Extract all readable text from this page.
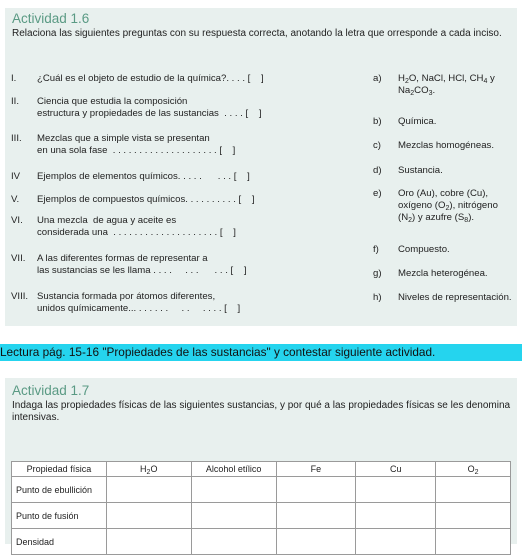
Actividad 1.6
Relaciona las siguientes preguntas con su respuesta correcta, anotando la letra que orresponde a cada inciso.
I. ¿Cuál es el objeto de estudio de la química?. . . . [    ]
II. Ciencia que estudia la composición
estructura y propiedades de las sustancias  . . . . [    ]
III. Mezclas que a simple vista se presentan
en una sola fase  . . . . . . . . . . . . . . . . . . . . [    ]
IV Ejemplos de elementos químicos. . . . .      . . . [    ]
V. Ejemplos de compuestos químicos. . . . . . . . . . [    ]
VI. Una mezcla  de agua y aceite es
considerada una  . . . . . . . . . . . . . . . . . . . . [    ]
VII. A las diferentes formas de representar a
las sustancias se les llama . . . .     . . .      . . . [    ]
VIII. Sustancia formada por átomos diferentes,
unidos químicamente... . . . . . .     . .     . . . . [    ]
a) $H_2O$, NaCl, HCl, $CH_4$ y
$Na_2CO_3$.
b) Química.
c) Mezclas homogéneas.
d) Sustancia.
e) Oro (Au), cobre (Cu),
oxígeno $(O_2)$, nitrógeno
$(N_2)$ y azufre $(S_8)$.
f) Compuesto.
g) Mezcla heterogénea.
h) Niveles de representación.
Lectura pág. 15-16 "Propiedades de las sustancias" y contestar siguiente actividad.
Actividad 1.7
Indaga las propiedades físicas de las siguientes sustancias, y por qué a las propiedades físicas se les denomina intensivas.
Propiedad física	$H_2O$	Alcohol etílico	Fe	Cu	$O_2$
Punto de ebullición					
Punto de fusión					
Densidad					
